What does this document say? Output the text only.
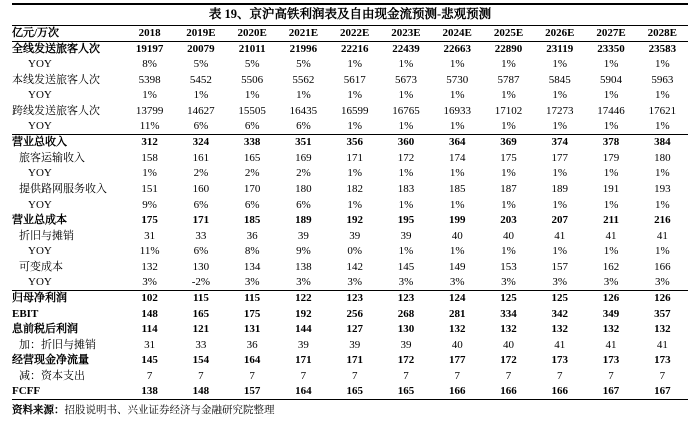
表 19、京沪高铁利润表及自由现金流预测-悲观预测
亿元/万次	2018	2019E	2020E	2021E	2022E	2023E	2024E	2025E	2026E	2027E	2028E
全线发送旅客人次	19197	20079	21011	21996	22216	22439	22663	22890	23119	23350	23583
YOY	8%	5%	5%	5%	1%	1%	1%	1%	1%	1%	1%
本线发送旅客人次	5398	5452	5506	5562	5617	5673	5730	5787	5845	5904	5963
YOY	1%	1%	1%	1%	1%	1%	1%	1%	1%	1%	1%
跨线发送旅客人次	13799	14627	15505	16435	16599	16765	16933	17102	17273	17446	17621
YOY	11%	6%	6%	6%	1%	1%	1%	1%	1%	1%	1%
营业总收入	312	324	338	351	356	360	364	369	374	378	384
旅客运输收入	158	161	165	169	171	172	174	175	177	179	180
YOY	1%	2%	2%	2%	1%	1%	1%	1%	1%	1%	1%
提供路网服务收入	151	160	170	180	182	183	185	187	189	191	193
YOY	9%	6%	6%	6%	1%	1%	1%	1%	1%	1%	1%
营业总成本	175	171	185	189	192	195	199	203	207	211	216
折旧与摊销	31	33	36	39	39	39	40	40	41	41	41
YOY	11%	6%	8%	9%	0%	1%	1%	1%	1%	1%	1%
可变成本	132	130	134	138	142	145	149	153	157	162	166
YOY	3%	-2%	3%	3%	3%	3%	3%	3%	3%	3%	3%
归母净利润	102	115	115	122	123	123	124	125	125	126	126
EBIT	148	165	175	192	256	268	281	334	342	349	357
息前税后利润	114	121	131	144	127	130	132	132	132	132	132
加：折旧与摊销	31	33	36	39	39	39	40	40	41	41	41
经营现金净流量	145	154	164	171	171	172	177	172	173	173	173
减：资本支出	7	7	7	7	7	7	7	7	7	7	7
FCFF	138	148	157	164	165	165	166	166	166	167	167
资料来源：招股说明书、兴业证券经济与金融研究院整理
